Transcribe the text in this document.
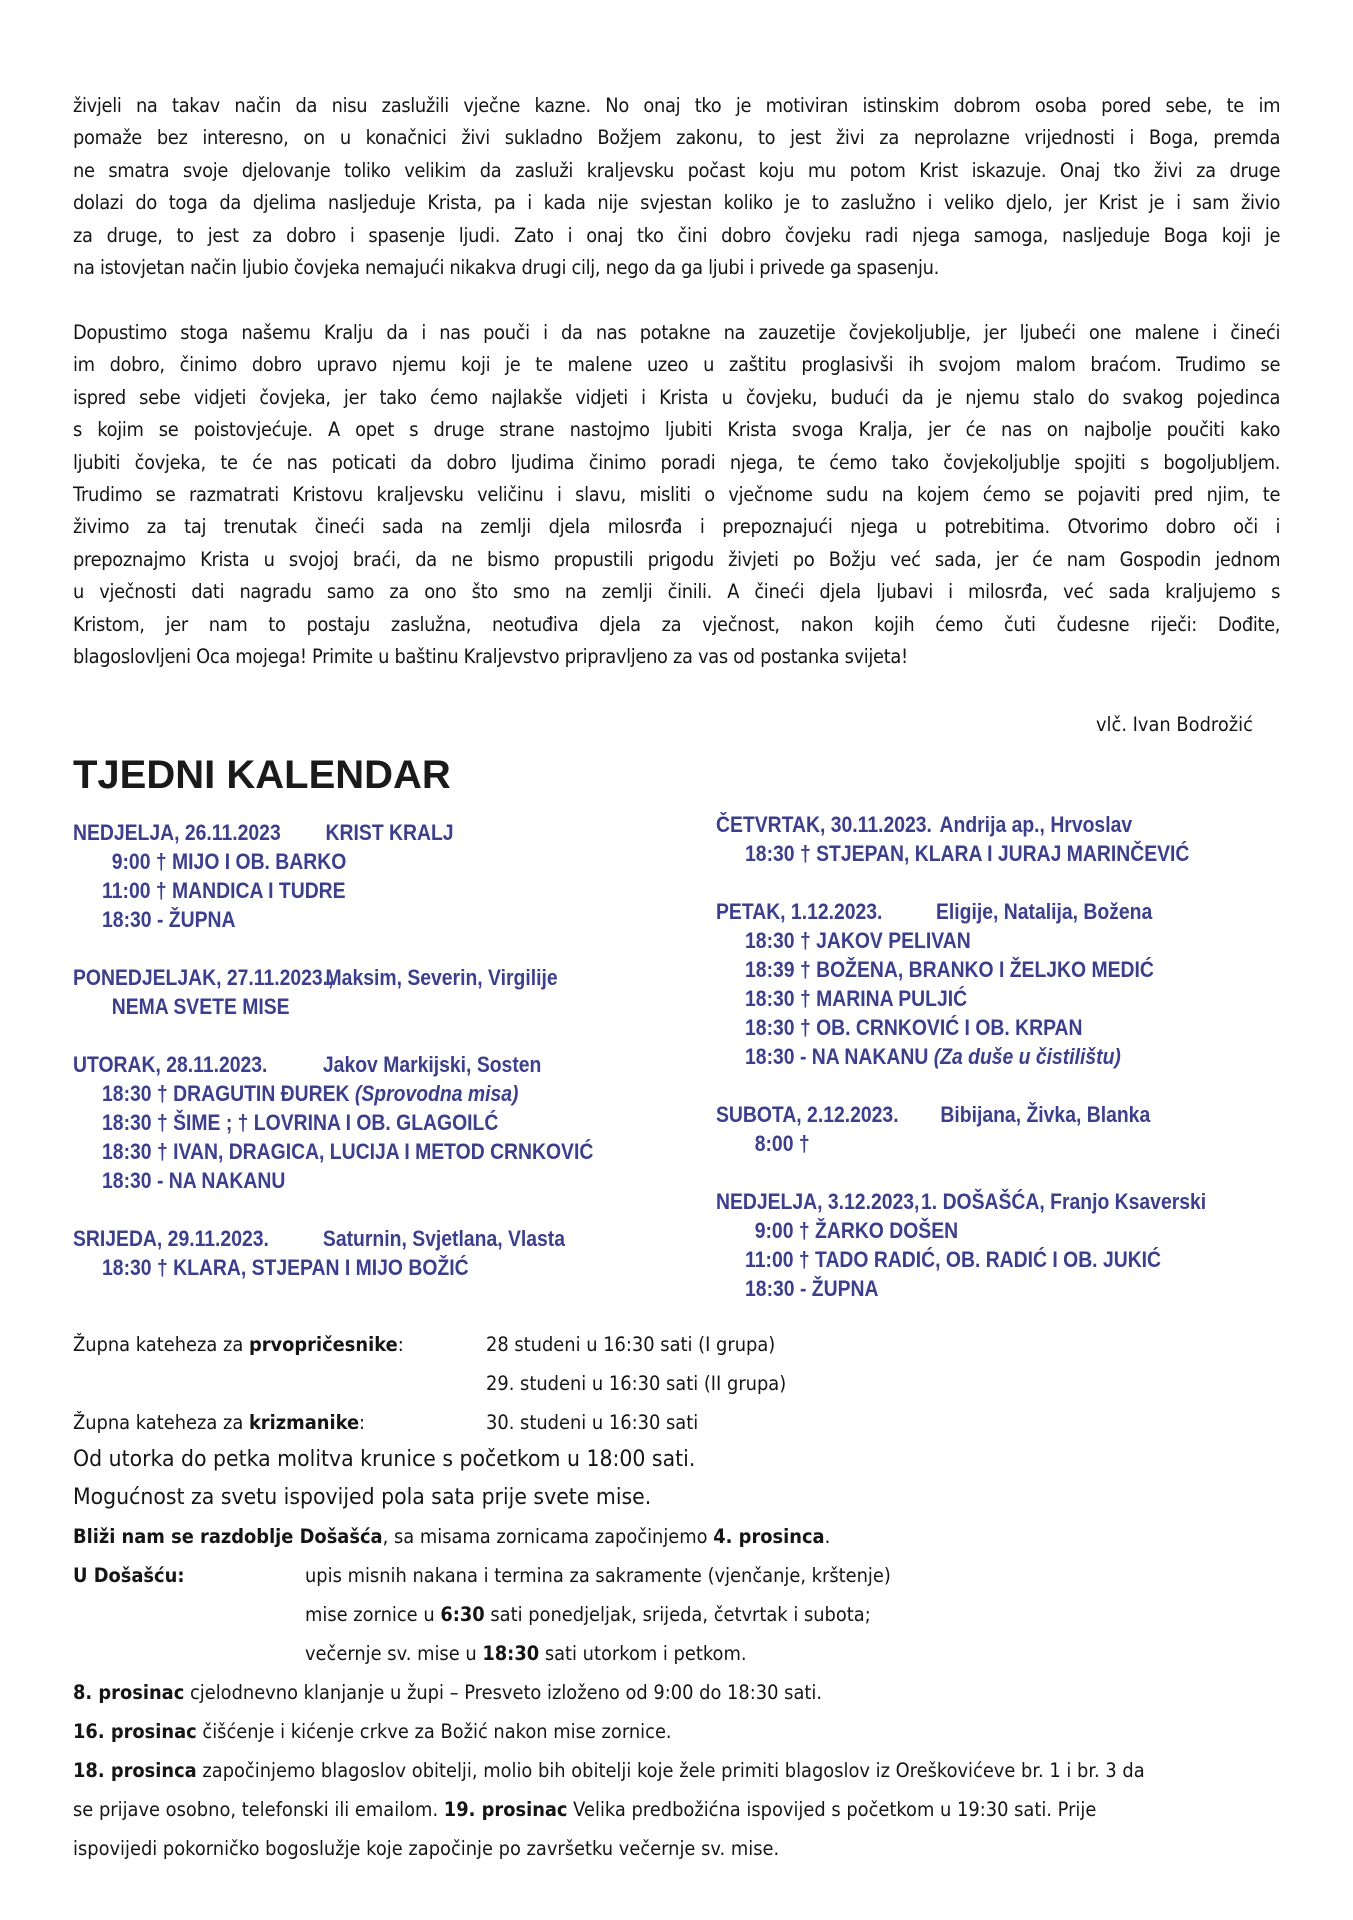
živjeli na takav način da nisu zaslužili vječne kazne. No onaj tko je motiviran istinskim dobrom osoba pored sebe, te im
pomaže bez interesno, on u konačnici živi sukladno Božjem zakonu, to jest živi za neprolazne vrijednosti i Boga, premda
ne smatra svoje djelovanje toliko velikim da zasluži kraljevsku počast koju mu potom Krist iskazuje. Onaj tko živi za druge
dolazi do toga da djelima nasljeduje Krista, pa i kada nije svjestan koliko je to zaslužno i veliko djelo, jer Krist je i sam živio
za druge, to jest za dobro i spasenje ljudi. Zato i onaj tko čini dobro čovjeku radi njega samoga, nasljeduje Boga koji je
na istovjetan način ljubio čovjeka nemajući nikakva drugi cilj, nego da ga ljubi i privede ga spasenju.
Dopustimo stoga našemu Kralju da i nas pouči i da nas potakne na zauzetije čovjekoljublje, jer ljubeći one malene i čineći
im dobro, činimo dobro upravo njemu koji je te malene uzeo u zaštitu proglasivši ih svojom malom braćom. Trudimo se
ispred sebe vidjeti čovjeka, jer tako ćemo najlakše vidjeti i Krista u čovjeku, budući da je njemu stalo do svakog pojedinca
s kojim se poistovjećuje. A opet s druge strane nastojmo ljubiti Krista svoga Kralja, jer će nas on najbolje poučiti kako
ljubiti čovjeka, te će nas poticati da dobro ljudima činimo poradi njega, te ćemo tako čovjekoljublje spojiti s bogoljubljem.
Trudimo se razmatrati Kristovu kraljevsku veličinu i slavu, misliti o vječnome sudu na kojem ćemo se pojaviti pred njim, te
živimo za taj trenutak čineći sada na zemlji djela milosrđa i prepoznajući njega u potrebitima. Otvorimo dobro oči i
prepoznajmo Krista u svojoj braći, da ne bismo propustili prigodu živjeti po Božju već sada, jer će nam Gospodin jednom
u vječnosti dati nagradu samo za ono što smo na zemlji činili. A čineći djela ljubavi i milosrđa, već sada kraljujemo s
Kristom, jer nam to postaju zaslužna, neotuđiva djela za vječnost, nakon kojih ćemo čuti čudesne riječi: Dođite,
blagoslovljeni Oca mojega! Primite u baštinu Kraljevstvo pripravljeno za vas od postanka svijeta!
vlč. Ivan Bodrožić
TJEDNI KALENDAR
NEDJELJA, 26.11.2023 KRIST KRALJ
9:00 † MIJO I OB. BARKO
11:00 † MANDICA I TUDRE
18:30 - ŽUPNA
PONEDJELJAK, 27.11.2023.,
Maksim, Severin, Virgilije
NEMA SVETE MISE
UTORAK, 28.11.2023.	Jakov Markijski, Sosten
18:30 † DRAGUTIN ĐUREK (Sprovodna misa)
18:30 † ŠIME ; † LOVRINA I OB. GLAGOILĆ
18:30 † IVAN, DRAGICA, LUCIJA I METOD CRNKOVIĆ
18:30 - NA NAKANU
SRIJEDA, 29.11.2023. Saturnin, Svjetlana, Vlasta
18:30 † KLARA, STJEPAN I MIJO BOŽIĆ
ČETVRTAK, 30.11.2023. Andrija ap., Hrvoslav
18:30 † STJEPAN, KLARA I JURAJ MARINČEVIĆ
PETAK, 1.12.2023. Eligije, Natalija, Božena
18:30 † JAKOV PELIVAN
18:39 † BOŽENA, BRANKO I ŽELJKO MEDIĆ
18:30 † MARINA PULJIĆ
18:30 † OB. CRNKOVIĆ I OB. KRPAN
18:30 - NA NAKANU (Za duše u čistilištu)
SUBOTA, 2.12.2023. Bibijana, Živka, Blanka
8:00 †
NEDJELJA, 3.12.2023, 1. DOŠAŠĆA, Franjo Ksaverski
9:00 † ŽARKO DOŠEN
11:00 † TADO RADIĆ, OB. RADIĆ I OB. JUKIĆ
18:30 - ŽUPNA
Župna kateheza za prvopričesnike:	28 studeni u 16:30 sati (I grupa)
29. studeni u 16:30 sati (II grupa)
Župna kateheza za krizmanike:	30. studeni u 16:30 sati
Od utorka do petka molitva krunice s početkom u 18:00 sati.
Mogućnost za svetu ispovijed pola sata prije svete mise.
Bliži nam se razdoblje Došašća, sa misama zornicama započinjemo 4. prosinca.
U Došašću:	upis misnih nakana i termina za sakramente (vjenčanje, krštenje)
mise zornice u 6:30 sati ponedjeljak, srijeda, četvrtak i subota;
večernje sv. mise u 18:30 sati utorkom i petkom.
8. prosinac cjelodnevno klanjanje u župi – Presveto izloženo od 9:00 do 18:30 sati.
16. prosinac čišćenje i kićenje crkve za Božić nakon mise zornice.
18. prosinca započinjemo blagoslov obitelji, molio bih obitelji koje žele primiti blagoslov iz Oreškovićeve br. 1 i br. 3 da
se prijave osobno, telefonski ili emailom. 19. prosinac Velika predbožićna ispovijed s početkom u 19:30 sati. Prije
ispovijedi pokorničko bogoslužje koje započinje po završetku večernje sv. mise.
